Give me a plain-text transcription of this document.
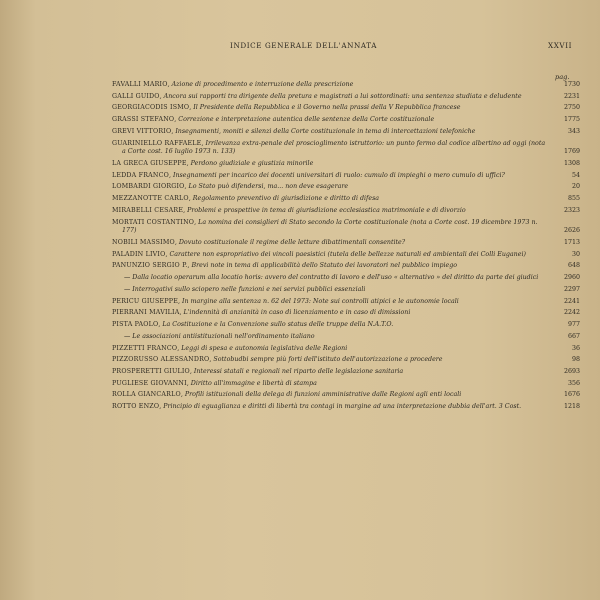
INDICE GENERALE DELL'ANNATA	XXVII
pag.
FAVALLI MARIO, Azione di procedimento e interruzione della prescrizione	1730
GALLI GUIDO, Ancora sui rapporti tra dirigente della pretura e magistrati a lui sottordinati: una sentenza studiata e deludente	2231
GEORGIACODIS ISMO, Il Presidente della Repubblica e il Governo nella prassi della V Repubblica francese	2750
GRASSI STEFANO, Correzione e interpretazione autentica delle sentenze della Corte costituzionale	1775
GREVI VITTORIO, Insegnamenti, moniti e silenzi della Corte costituzionale in tema di intercettazioni telefoniche	343
GUARINIELLO RAFFAELE, Irrilevanza extra-penale del proscioglimento istruttorio: un punto fermo dal codice albertino ad oggi (nota a Corte cost. 16 luglio 1973 n. 133)	1769
LA GRECA GIUSEPPE, Perdono giudiziale e giustizia minorile	1308
LEDDA FRANCO, Insegnamenti per incarico dei docenti universitari di ruolo: cumulo di impieghi o mero cumulo di uffici?	54
LOMBARDI GIORGIO, Lo Stato può difendersi, ma... non deve esagerare	20
MEZZANOTTE CARLO, Regolamento preventivo di giurisdizione e diritto di difesa	855
MIRABELLI CESARE, Problemi e prospettive in tema di giurisdizione ecclesiastica matrimoniale e di divorzio	2323
MORTATI COSTANTINO, La nomina dei consiglieri di Stato secondo la Corte costituzionale (nota a Corte cost. 19 dicembre 1973 n. 177)	2626
NOBILI MASSIMO, Dovuto costituzionale il regime delle letture dibattimentali consentite?	1713
PALADIN LIVIO, Carattere non espropriativo dei vincoli paesistici (tutela delle bellezze naturali ed ambientali dei Colli Euganei)	30
PANUNZIO SERGIO P., Brevi note in tema di applicabilità dello Statuto dei lavoratori nel pubblico impiego	648
— Dalla locatio operarum alla locatio horis: avvero del contratto di lavoro e dell'uso « alternativo » del diritto da parte dei giudici	2960
— Interrogativi sullo sciopero nelle funzioni e nei servizi pubblici essenziali	2297
PERICU GIUSEPPE, In margine alla sentenza n. 62 del 1973: Note sui controlli atipici e le autonomie locali	2241
PIERRANI MAVILIA, L'indennità di anzianità in caso di licenziamento e in caso di dimissioni	2242
PISTA PAOLO, La Costituzione e la Convenzione sullo status delle truppe della N.A.T.O.	977
— Le associazioni antiistituzionali nell'ordinamento italiano	667
PIZZETTI FRANCO, Leggi di spesa e autonomia legislativa delle Regioni	36
PIZZORUSSO ALESSANDRO, Sottobudbi sempre più forti dell'istituto dell'autorizzazione a procedere	98
PROSPERETTI GIULIO, Interessi statali e regionali nel riparto delle legislazione sanitaria	2693
PUGLIESE GIOVANNI, Diritto all'immagine e libertà di stampa	356
ROLLA GIANCARLO, Profili istituzionali della delega di funzioni amministrative dalle Regioni agli enti locali	1676
ROTTO ENZO, Principio di eguaglianza e diritti di libertà tra contagi in margine ad una interpretazione dubbia dell'art. 3 Cost.	1218
